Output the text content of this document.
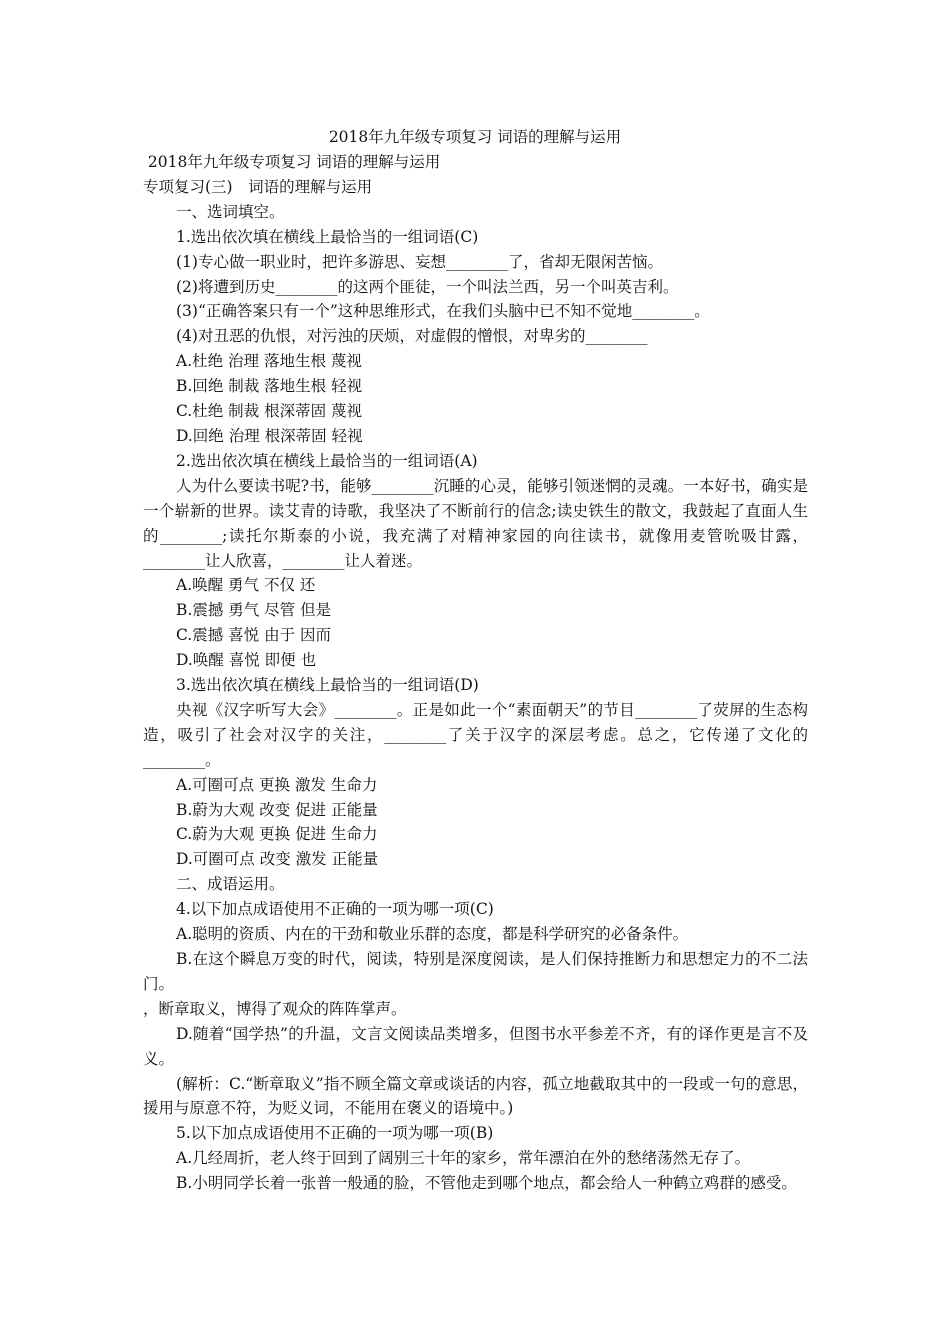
2018年九年级专项复习 词语的理解与运用
2018年九年级专项复习 词语的理解与运用
专项复习(三)　词语的理解与运用
一、选词填空。
1.选出依次填在横线上最恰当的一组词语(C)
(1)专心做一职业时，把许多游思、妄想________了，省却无限闲苦恼。
(2)将遭到历史________的这两个匪徒，一个叫法兰西，另一个叫英吉利。
(3)“正确答案只有一个”这种思维形式，在我们头脑中已不知不觉地________。
(4)对丑恶的仇恨，对污浊的厌烦，对虚假的憎恨，对卑劣的________
A.杜绝 治理 落地生根 蔑视
B.回绝 制裁 落地生根 轻视
C.杜绝 制裁 根深蒂固 蔑视
D.回绝 治理 根深蒂固 轻视
2.选出依次填在横线上最恰当的一组词语(A)
人为什么要读书呢?书，能够________沉睡的心灵，能够引领迷惘的灵魂。一本好书，确实是一个崭新的世界。读艾青的诗歌，我坚决了不断前行的信念;读史铁生的散文，我鼓起了直面人生的________;读托尔斯泰的小说，我充满了对精神家园的向往读书，就像用麦管吮吸甘露，________让人欣喜，________让人着迷。
A.唤醒 勇气 不仅 还
B.震撼 勇气 尽管 但是
C.震撼 喜悦 由于 因而
D.唤醒 喜悦 即便 也
3.选出依次填在横线上最恰当的一组词语(D)
央视《汉字听写大会》________。正是如此一个“素面朝天”的节目________了荧屏的生态构造，吸引了社会对汉字的关注，________了关于汉字的深层考虑。总之，它传递了文化的________。
A.可圈可点 更换 激发 生命力
B.蔚为大观 改变 促进 正能量
C.蔚为大观 更换 促进 生命力
D.可圈可点 改变 激发 正能量
二、成语运用。
4.以下加点成语使用不正确的一项为哪一项(C)
A.聪明的资质、内在的干劲和敬业乐群的态度，都是科学研究的必备条件。
B.在这个瞬息万变的时代，阅读，特别是深度阅读，是人们保持推断力和思想定力的不二法门。
，断章取义，博得了观众的阵阵掌声。
D.随着“国学热”的升温，文言文阅读品类增多，但图书水平参差不齐，有的译作更是言不及义。
(解析：C.“断章取义”指不顾全篇文章或谈话的内容，孤立地截取其中的一段或一句的意思，援用与原意不符，为贬义词，不能用在褒义的语境中。)
5.以下加点成语使用不正确的一项为哪一项(B)
A.几经周折，老人终于回到了阔别三十年的家乡，常年漂泊在外的愁绪荡然无存了。
B.小明同学长着一张普一般通的脸，不管他走到哪个地点，都会给人一种鹤立鸡群的感受。
